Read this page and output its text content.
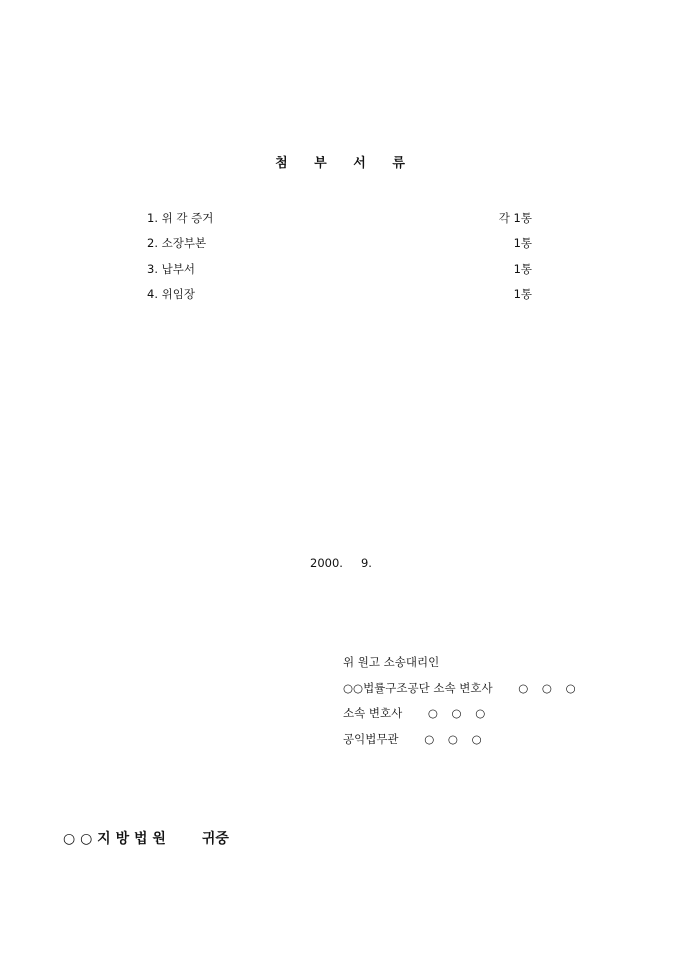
첨 부 서 류
1. 위 각 증거	각 1통
2. 소장부본	1통
3. 납부서	1통
4. 위임장	1통
2000. 9.
위 원고 소송대리인
○○법률구조공단 소속 변호사 ○ ○ ○
소속 변호사 ○ ○ ○
공익법무관 ○ ○ ○
○ ○ 지 방 법 원	귀중
